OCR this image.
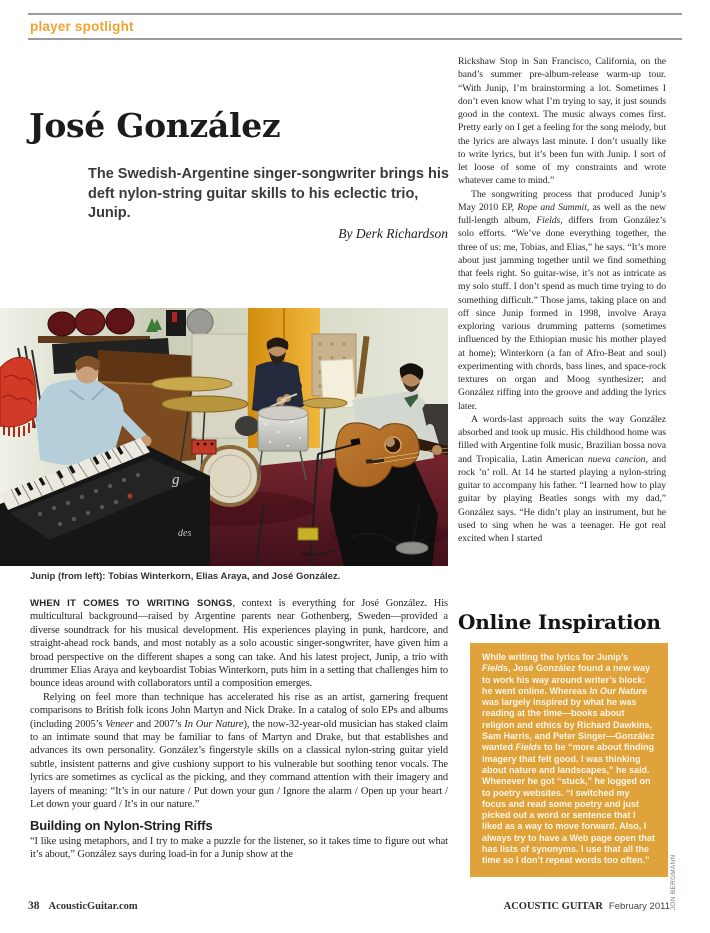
player spotlight
José González
The Swedish-Argentine singer-songwriter brings his
deft nylon-string guitar skills to his eclectic trio, Junip.
By Derk Richardson
g
des
Junip (from left): Tobias Winterkorn, Elias Araya, and José González.

WHEN IT COMES TO WRITING SONGS, context is everything for José González. His multicultural background—raised by Argentine parents near Gothenberg, Sweden—provided a diverse soundtrack for his musical development. His experiences playing in punk, hardcore, and straight-ahead rock bands, and most notably as a solo acoustic singer-songwriter, have given him a broad perspective on the different shapes a song can take. And his latest project, Junip, a trio with drummer Elias Araya and keyboardist Tobias Winterkorn, puts him in a setting that challenges him to bounce ideas around with collaborators until a composition emerges.

Relying on feel more than technique has accelerated his rise as an artist, garnering frequent comparisons to British folk icons John Martyn and Nick Drake. In a catalog of solo EPs and albums (including 2005’s Veneer and 2007’s In Our Nature), the now-32-year-old musician has staked claim to an intimate sound that may be familiar to fans of Martyn and Drake, but that establishes and advances its own personality. González’s fingerstyle skills on a classical nylon-string guitar yield subtle, insistent patterns and give cushiony support to his vulnerable but soothing tenor vocals. The lyrics are sometimes as cyclical as the picking, and they command attention with their imagery and layers of meaning: “It’s in our nature / Put down your gun / Ignore the alarm / Open up your heart / Let down your guard / It’s in our nature.”

Building on Nylon-String Riffs

“I like using metaphors, and I try to make a puzzle for the listener, so it takes time to figure out what it’s about,” González says during load-in for a Junip show at the

Rickshaw Stop in San Francisco, California, on the band’s summer pre-album-release warm-up tour. “With Junip, I’m brainstorming a lot. Sometimes I don’t even know what I’m trying to say, it just sounds good in the context. The music always comes first. Pretty early on I get a feeling for the song melody, but the lyrics are always last minute. I don’t usually like to write lyrics, but it’s been fun with Junip. I sort of let loose of some of my constraints and wrote whatever came to mind.”

The songwriting process that produced Junip’s May 2010 EP, Rope and Summit, as well as the new full-length album, Fields, differs from González’s solo efforts. “We’ve done everything together, the three of us: me, Tobias, and Elias,” he says. “It’s more about just jamming together until we find something that feels right. So guitar-wise, it’s not as intricate as my solo stuff. I don’t spend as much time trying to do something difficult.” Those jams, taking place on and off since Junip formed in 1998, involve Araya exploring various drumming patterns (sometimes influenced by the Ethiopian music his mother played at home); Winterkorn (a fan of Afro-Beat and soul) experimenting with chords, bass lines, and space-rock textures on organ and Moog synthesizer; and González riffing into the groove and adding the lyrics later.

A words-last approach suits the way González absorbed and took up music. His childhood home was filled with Argentine folk music, Brazilian bossa nova and Tropicalia, Latin American nueva cancion, and rock ’n’ roll. At 14 he started playing a nylon-string guitar to accompany his father. “I learned how to play guitar by playing Beatles songs with my dad,” González says. “He didn’t play an instrument, but he used to sing when he was a teenager. He got real excited when I started

Online Inspiration
While writing the lyrics for Junip’s Fields, José González found a new way to work his way around writer’s block: he went online. Whereas In Our Nature was largely inspired by what he was reading at the time—books about religion and ethics by Richard Dawkins, Sam Harris, and Peter Singer—González wanted Fields to be “more about finding imagery that felt good. I was thinking about nature and landscapes,” he said. Whenever he got “stuck,” he logged on to poetry websites. “I switched my focus and read some poetry and just picked out a word or sentence that I liked as a way to move forward. Also, I always try to have a Web page open that has lists of synonyms. I use that all the time so I don’t repeat words too often.”	JON BERGMANN
38 AcousticGuitar.com	ACOUSTIC GUITAR February 2011
